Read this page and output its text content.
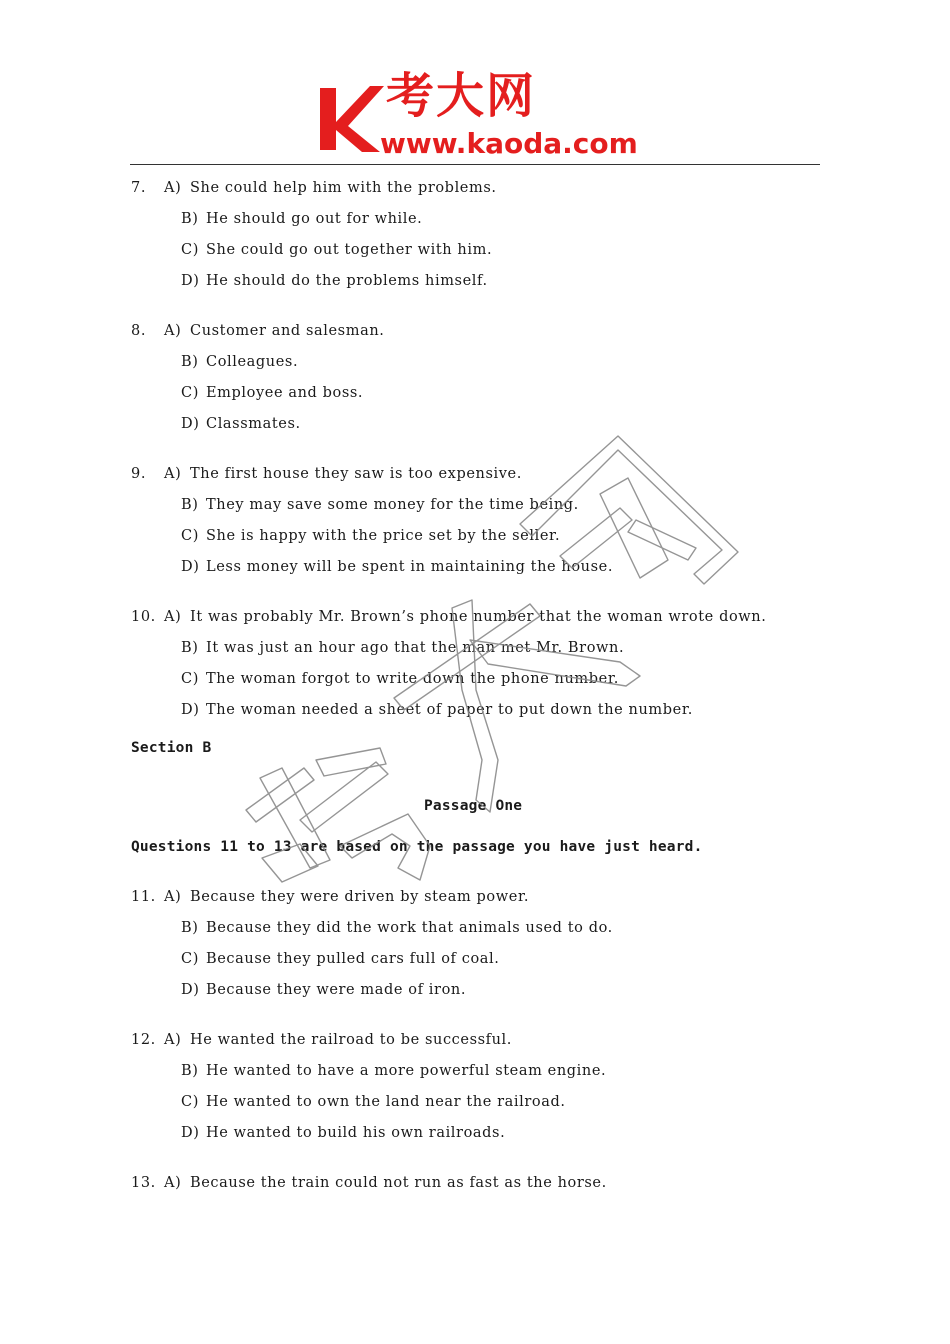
考大网
www.kaoda.com
7. A) She could help him with the problems.
B) He should go out for while.
C) She could go out together with him.
D) He should do the problems himself.
8. A) Customer and salesman.
B) Colleagues.
C) Employee and boss.
D) Classmates.
9. A) The first house they saw is too expensive.
B) They may save some money for the time being.
C) She is happy with the price set by the seller.
D) Less money will be spent in maintaining the house.
10. A) It was probably Mr. Brown’s phone number that the woman wrote down.
B) It was just an hour ago that the man met Mr. Brown.
C) The woman forgot to write down the phone number.
D) The woman needed a sheet of paper to put down the number.
Section B
Passage One
Questions 11 to 13 are based on the passage you have just heard.
11. A) Because they were driven by steam power.
B) Because they did the work that animals used to do.
C) Because they pulled cars full of coal.
D) Because they were made of iron.
12. A) He wanted the railroad to be successful.
B) He wanted to have a more powerful steam engine.
C) He wanted to own the land near the railroad.
D) He wanted to build his own railroads.
13. A) Because the train could not run as fast as the horse.
